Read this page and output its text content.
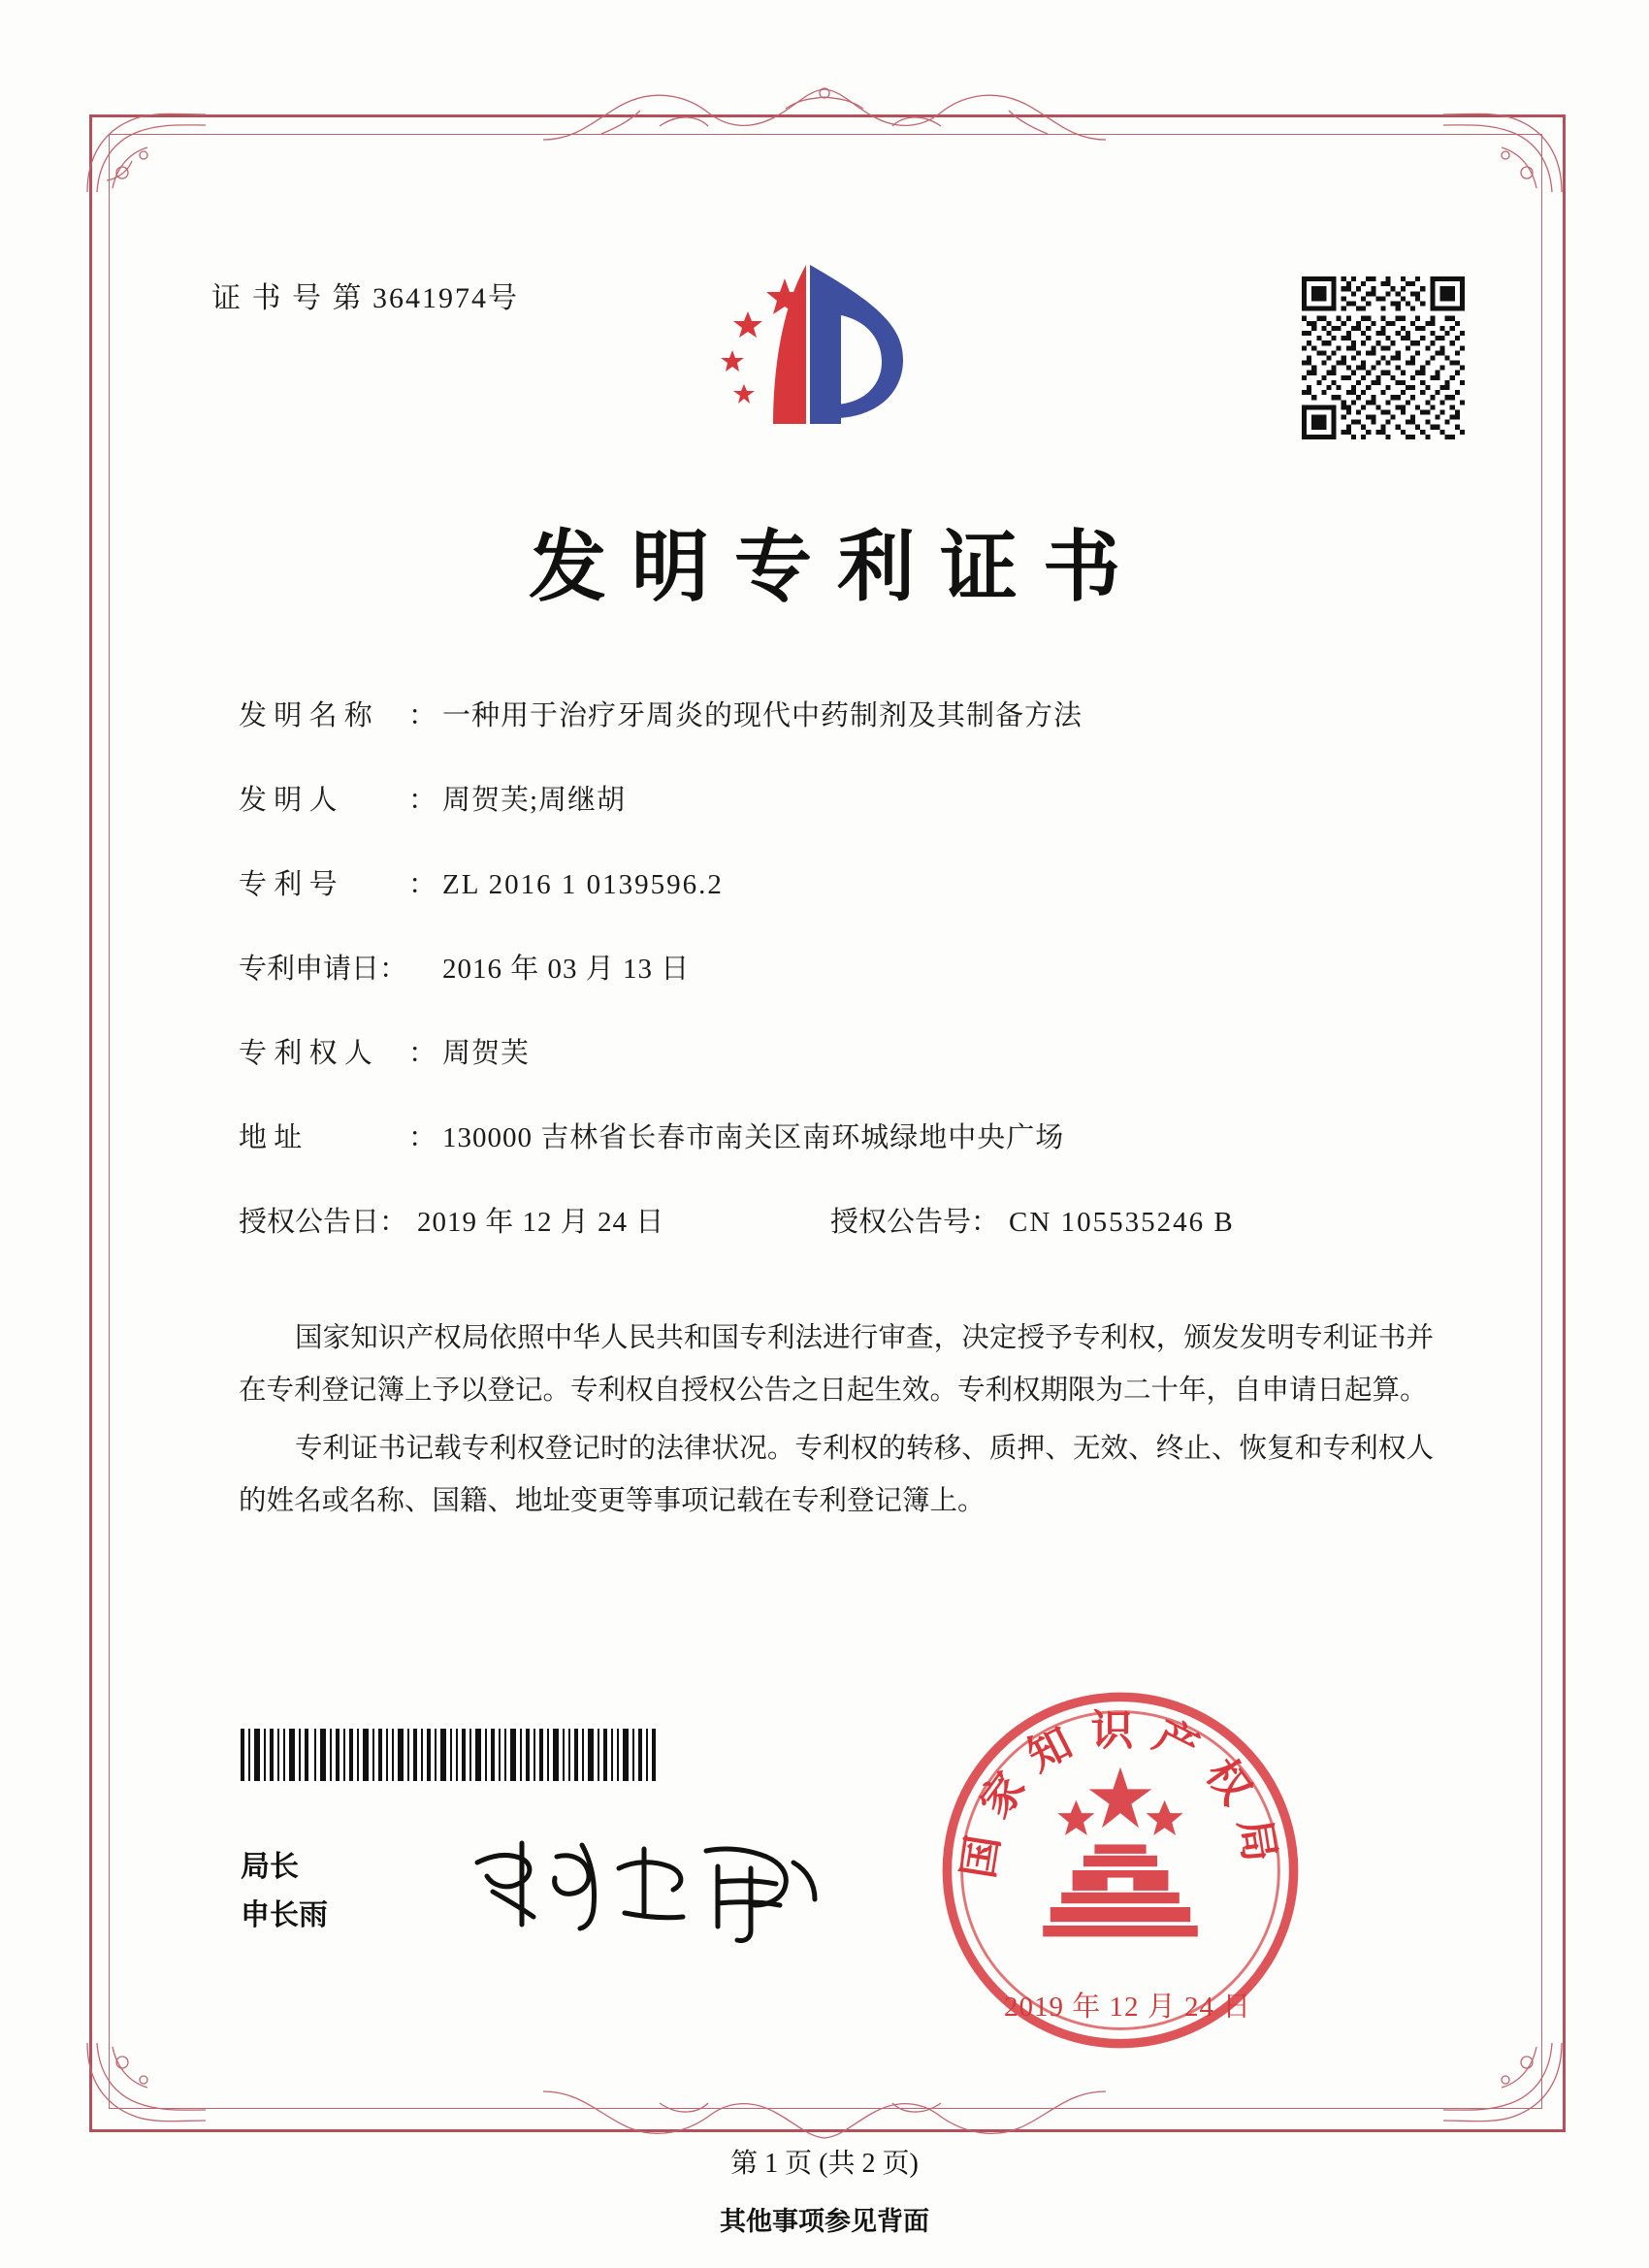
证 书 号 第 3641974号
发明专利证书
发 明 名 称 ： 一种用于治疗牙周炎的现代中药制剂及其制备方法
发 明 人	： 周贺芙;周继胡
专 利 号	： ZL 2016 1 0139596.2
专利申请日：	2016 年 03 月 13 日
专 利 权 人 ： 周贺芙
地 址	： 130000 吉林省长春市南关区南环城绿地中央广场
授权公告日： 2019 年 12 月 24 日	授权公告号： CN 105535246 B

国家知识产权局依照中华人民共和国专利法进行审查，决定授予专利权，颁发发明专利证书并在专利登记簿上予以登记。专利权自授权公告之日起生效。专利权期限为二十年，自申请日起算。

专利证书记载专利权登记时的法律状况。专利权的转移、质押、无效、终止、恢复和专利权人的姓名或名称、国籍、地址变更等事项记载在专利登记簿上。

局长
申长雨
国家知识产权局
2019 年 12 月 24 日
第 1 页 (共 2 页)
其他事项参见背面
